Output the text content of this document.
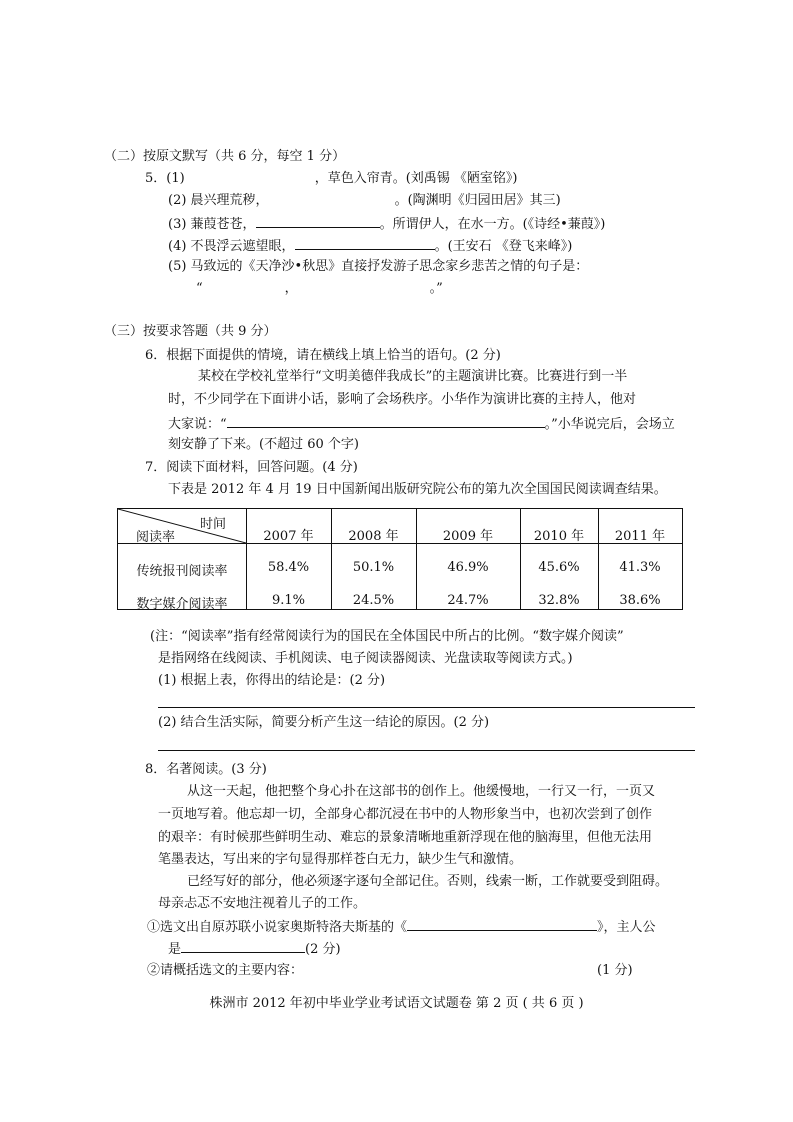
（二）按原文默写（共 6 分，每空 1 分）
5．(1)	，草色入帘青。(刘禹锡 《陋室铭》)
(2) 晨兴理荒秽，	。(陶渊明《归园田居》其三)
(3) 蒹葭苍苍，	。所谓伊人，在水一方。(《诗经•蒹葭》)
(4) 不畏浮云遮望眼，	。(王安石 《登飞来峰》)
(5) 马致远的《天净沙•秋思》直接抒发游子思念家乡悲苦之情的句子是：
“	，	。”
（三）按要求答题（共 9 分）
6．根据下面提供的情境，请在横线上填上恰当的语句。(2 分)
某校在学校礼堂举行“文明美德伴我成长”的主题演讲比赛。比赛进行到一半
时，不少同学在下面讲小话，影响了会场秩序。小华作为演讲比赛的主持人，他对
大家说：“	。”小华说完后，会场立
刻安静了下来。(不超过 60 个字)
7．阅读下面材料，回答问题。(4 分)
下表是 2012 年 4 月 19 日中国新闻出版研究院公布的第九次全国国民阅读调查结果。
时间
阅读率	2007 年	2008 年	2009 年	2010 年	2011 年
传统报刊阅读率	58.4%	50.1%	46.9%	45.6%	41.3%
数字媒介阅读率	9.1%	24.5%	24.7%	32.8%	38.6%
(注：“阅读率”指有经常阅读行为的国民在全体国民中所占的比例。“数字媒介阅读”
是指网络在线阅读、手机阅读、电子阅读器阅读、光盘读取等阅读方式。)
(1) 根据上表，你得出的结论是：(2 分)
(2) 结合生活实际，简要分析产生这一结论的原因。(2 分)
8．名著阅读。(3 分)
从这一天起，他把整个身心扑在这部书的创作上。他缓慢地，一行又一行，一页又
一页地写着。他忘却一切，全部身心都沉浸在书中的人物形象当中，也初次尝到了创作
的艰辛：有时候那些鲜明生动、难忘的景象清晰地重新浮现在他的脑海里，但他无法用
笔墨表达，写出来的字句显得那样苍白无力，缺少生气和激情。
已经写好的部分，他必须逐字逐句全部记住。否则，线索一断，工作就要受到阻碍。
母亲忐忑不安地注视着儿子的工作。
①选文出自原苏联小说家奥斯特洛夫斯基的《	》，主人公
是	(2 分)
②请概括选文的主要内容：	(1 分)
株洲市 2012 年初中毕业学业考试语文试题卷 第 2 页 ( 共 6 页 )
